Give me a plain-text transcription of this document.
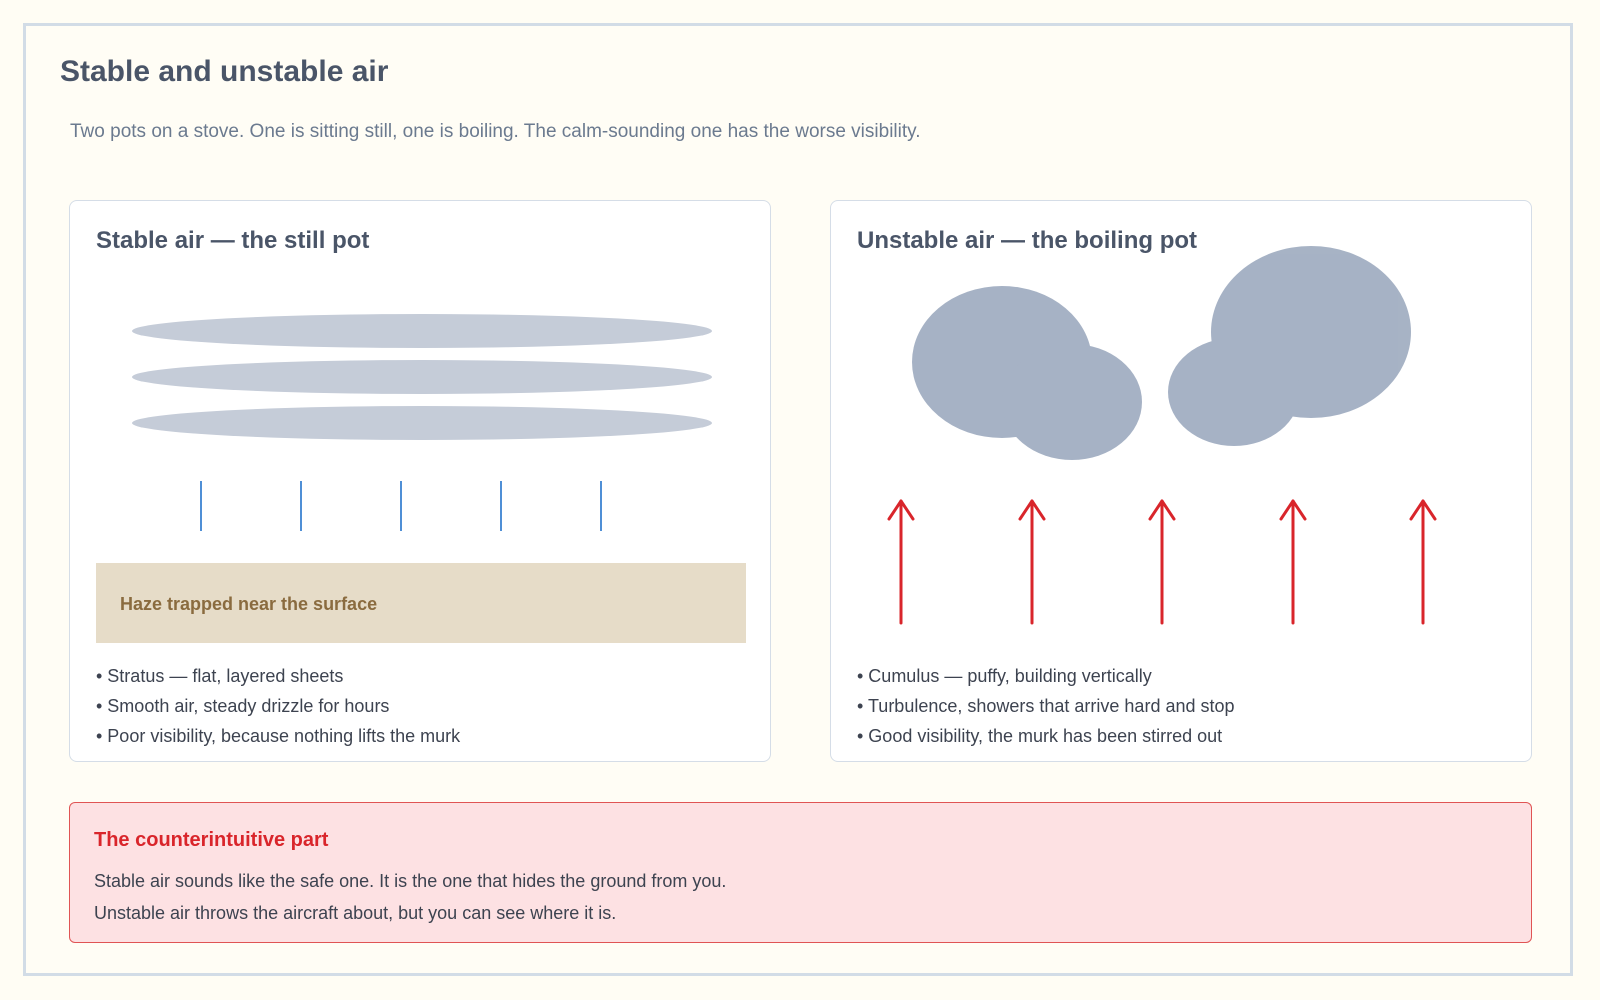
Stable and unstable air

Two pots on a stove. One is sitting still, one is boiling. The calm-sounding one has the worse visibility.

Stable air — the still pot
Haze trapped near the surface
• Stratus — flat, layered sheets
• Smooth air, steady drizzle for hours
• Poor visibility, because nothing lifts the murk
Unstable air — the boiling pot
• Cumulus — puffy, building vertically
• Turbulence, showers that arrive hard and stop
• Good visibility, the murk has been stirred out
The counterintuitive part

Stable air sounds like the safe one. It is the one that hides the ground from you.

Unstable air throws the aircraft about, but you can see where it is.
